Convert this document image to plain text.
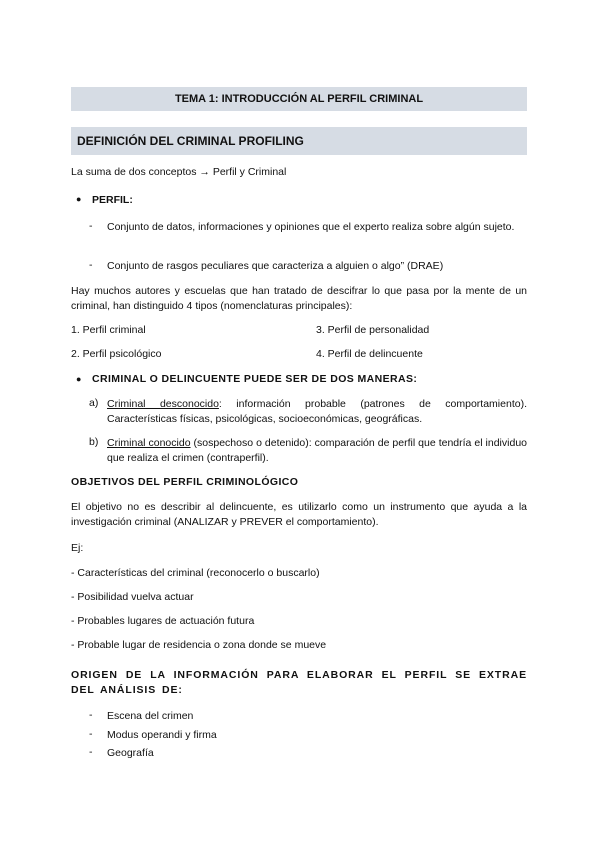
TEMA 1: INTRODUCCIÓN AL PERFIL CRIMINAL
DEFINICIÓN DEL CRIMINAL PROFILING
La suma de dos conceptos → Perfil y Criminal
● PERFIL:
- Conjunto de datos, informaciones y opiniones que el experto realiza sobre algún sujeto.
- Conjunto de rasgos peculiares que caracteriza a alguien o algo” (DRAE)
Hay muchos autores y escuelas que han tratado de descifrar lo que pasa por la mente de un criminal, han distinguido 4 tipos (nomenclaturas principales):
1. Perfil criminal	3. Perfil de personalidad
2. Perfil psicológico	4. Perfil de delincuente
● CRIMINAL O DELINCUENTE PUEDE SER DE DOS MANERAS:
a) Criminal desconocido: información probable (patrones de comportamiento). Características físicas, psicológicas, socioeconómicas, geográficas.
b) Criminal conocido (sospechoso o detenido): comparación de perfil que tendría el individuo que realiza el crimen (contraperfil).
OBJETIVOS DEL PERFIL CRIMINOLÓGICO
El objetivo no es describir al delincuente, es utilizarlo como un instrumento que ayuda a la investigación criminal (ANALIZAR y PREVER el comportamiento).
Ej:
- Características del criminal (reconocerlo o buscarlo)
- Posibilidad vuelva actuar
- Probables lugares de actuación futura
- Probable lugar de residencia o zona donde se mueve
ORIGEN DE LA INFORMACIÓN PARA ELABORAR EL PERFIL SE EXTRAE DEL ANÁLISIS DE:
- Escena del crimen
- Modus operandi y firma
- Geografía
